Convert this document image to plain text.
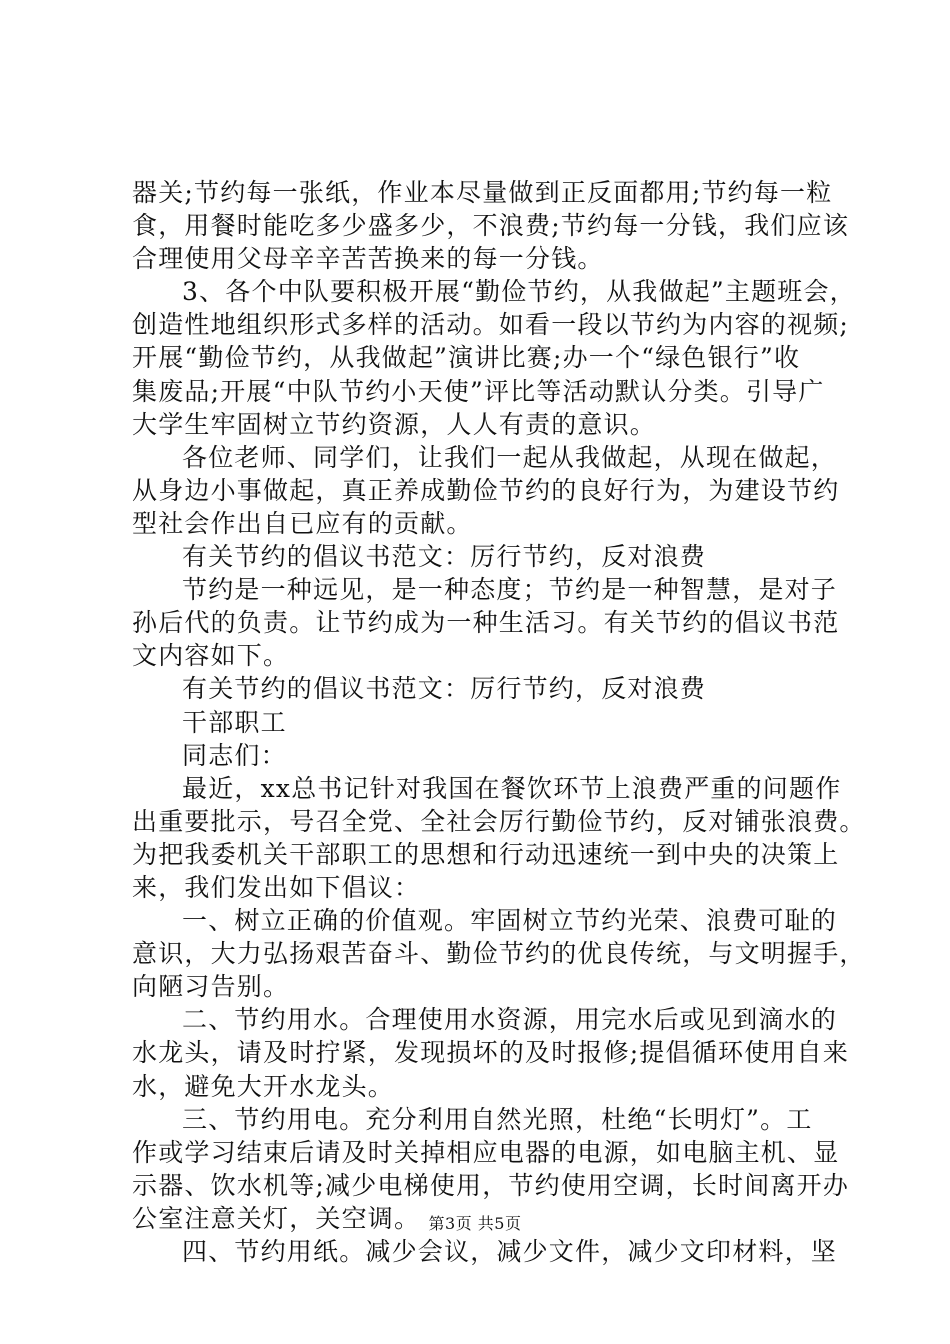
器关;节约每一张纸，作业本尽量做到正反面都用;节约每一粒
食，用餐时能吃多少盛多少，不浪费;节约每一分钱，我们应该
合理使用父母辛辛苦苦换来的每一分钱。
3、各个中队要积极开展“勤俭节约，从我做起”主题班会，
创造性地组织形式多样的活动。如看一段以节约为内容的视频;
开展“勤俭节约，从我做起”演讲比赛;办一个“绿色银行”收
集废品;开展“中队节约小天使”评比等活动默认分类。引导广
大学生牢固树立节约资源，人人有责的意识。
各位老师、同学们，让我们一起从我做起，从现在做起，
从身边小事做起，真正养成勤俭节约的良好行为，为建设节约
型社会作出自已应有的贡献。
有关节约的倡议书范文：厉行节约，反对浪费
节约是一种远见，是一种态度；节约是一种智慧，是对子
孙后代的负责。让节约成为一种生活习。有关节约的倡议书范
文内容如下。
有关节约的倡议书范文：厉行节约，反对浪费
干部职工
同志们：
最近，xx总书记针对我国在餐饮环节上浪费严重的问题作
出重要批示，号召全党、全社会厉行勤俭节约，反对铺张浪费。
为把我委机关干部职工的思想和行动迅速统一到中央的决策上
来，我们发出如下倡议：
一、树立正确的价值观。牢固树立节约光荣、浪费可耻的
意识，大力弘扬艰苦奋斗、勤俭节约的优良传统，与文明握手，
向陋习告别。
二、节约用水。合理使用水资源，用完水后或见到滴水的
水龙头，请及时拧紧，发现损坏的及时报修;提倡循环使用自来
水，避免大开水龙头。
三、节约用电。充分利用自然光照，杜绝“长明灯”。工
作或学习结束后请及时关掉相应电器的电源，如电脑主机、显
示器、饮水机等;减少电梯使用，节约使用空调，长时间离开办
公室注意关灯，关空调。
四、节约用纸。减少会议，减少文件，减少文印材料，坚
第3页 共5页
